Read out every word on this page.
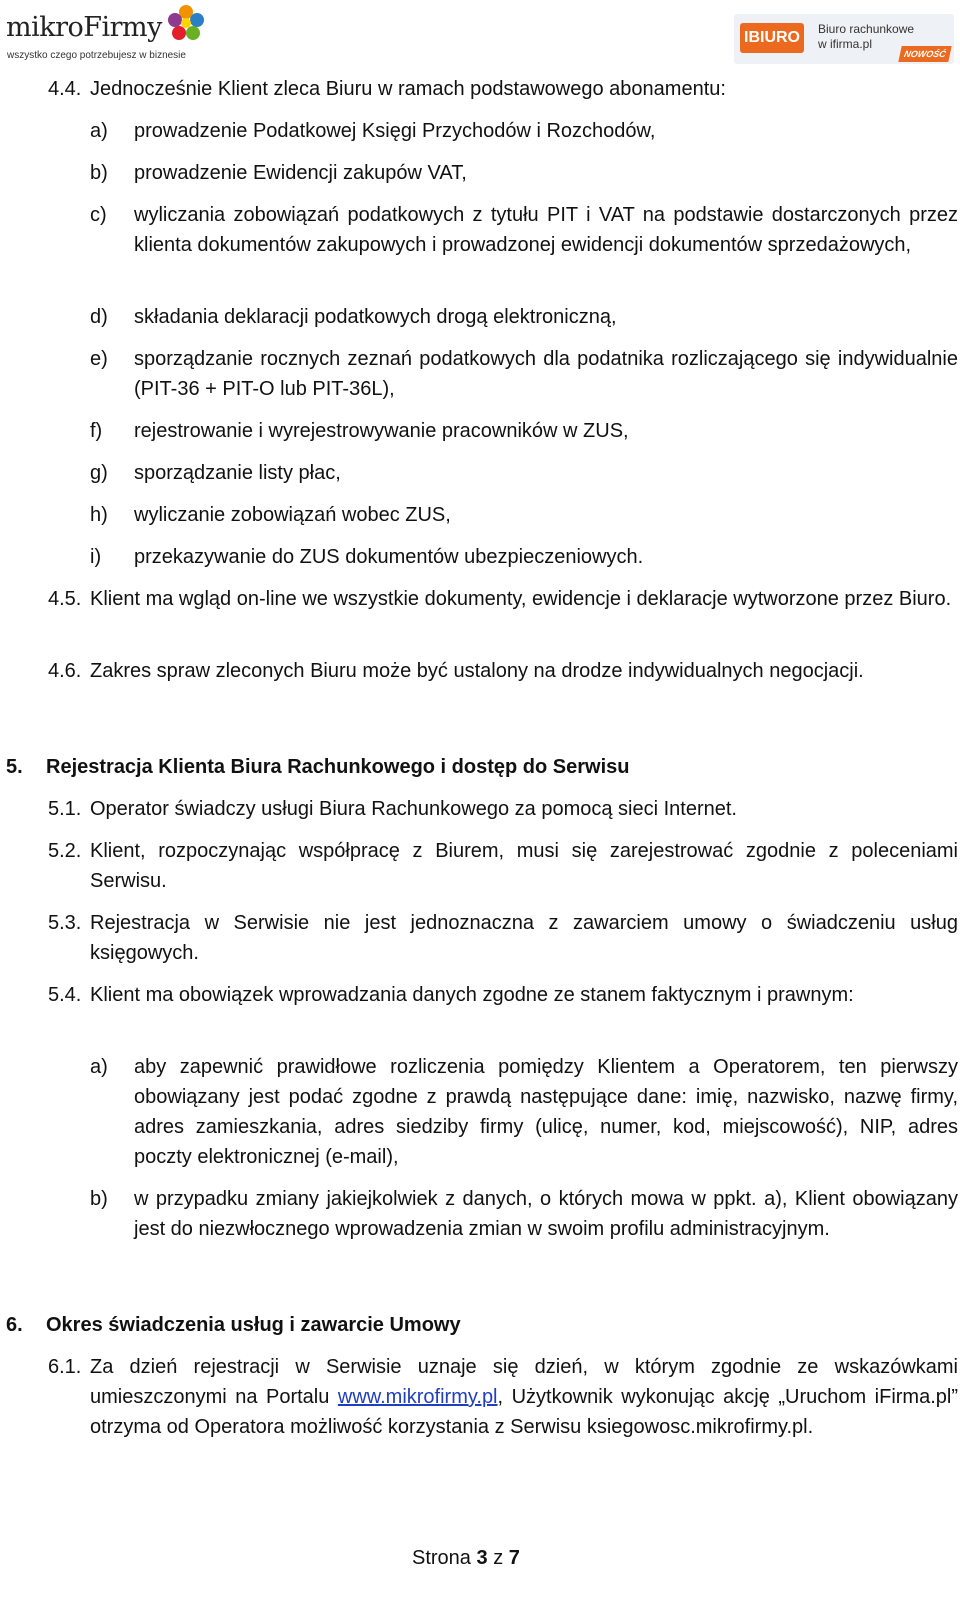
mikroFirmy
wszystko czego potrzebujesz w biznesie
IBIURO	Biuro rachunkowe
w ifirma.pl
NOWOŚĆ
4.4. Jednocześnie Klient zleca Biuru w ramach podstawowego abonamentu:
a) prowadzenie Podatkowej Księgi Przychodów i Rozchodów,
b) prowadzenie Ewidencji zakupów VAT,
c) wyliczania zobowiązań podatkowych z tytułu PIT i VAT na podstawie dostarczonych przez klienta dokumentów zakupowych i prowadzonej ewidencji dokumentów sprzedażowych,
d) składania deklaracji podatkowych drogą elektroniczną,
e) sporządzanie rocznych zeznań podatkowych dla podatnika rozliczającego się indywidualnie (PIT-36 + PIT-O lub PIT-36L),
f) rejestrowanie i wyrejestrowywanie pracowników w ZUS,
g) sporządzanie listy płac,
h) wyliczanie zobowiązań wobec ZUS,
i) przekazywanie do ZUS dokumentów ubezpieczeniowych.
4.5. Klient ma wgląd on-line we wszystkie dokumenty, ewidencje i deklaracje wytworzone przez Biuro.
4.6. Zakres spraw zleconych Biuru może być ustalony na drodze indywidualnych negocjacji.
5. Rejestracja Klienta Biura Rachunkowego i dostęp do Serwisu
5.1. Operator świadczy usługi Biura Rachunkowego za pomocą sieci Internet.
5.2. Klient, rozpoczynając współpracę z Biurem, musi się zarejestrować zgodnie z poleceniami Serwisu.
5.3. Rejestracja w Serwisie nie jest jednoznaczna z zawarciem umowy o świadczeniu usług księgowych.
5.4. Klient ma obowiązek wprowadzania danych zgodne ze stanem faktycznym i prawnym:
a) aby zapewnić prawidłowe rozliczenia pomiędzy Klientem a Operatorem, ten pierwszy obowiązany jest podać zgodne z prawdą następujące dane: imię, nazwisko, nazwę firmy, adres zamieszkania, adres siedziby firmy (ulicę, numer, kod, miejscowość), NIP, adres poczty elektronicznej (e-mail),
b) w przypadku zmiany jakiejkolwiek z danych, o których mowa w ppkt. a), Klient obowiązany jest do niezwłocznego wprowadzenia zmian w swoim profilu administracyjnym.
6. Okres świadczenia usług i zawarcie Umowy
6.1. Za dzień rejestracji w Serwisie uznaje się dzień, w którym zgodnie ze wskazówkami umieszczonymi na Portalu www.mikrofirmy.pl, Użytkownik wykonując akcję „Uruchom iFirma.pl” otrzyma od Operatora możliwość korzystania z Serwisu ksiegowosc.mikrofirmy.pl.
Strona 3 z 7
